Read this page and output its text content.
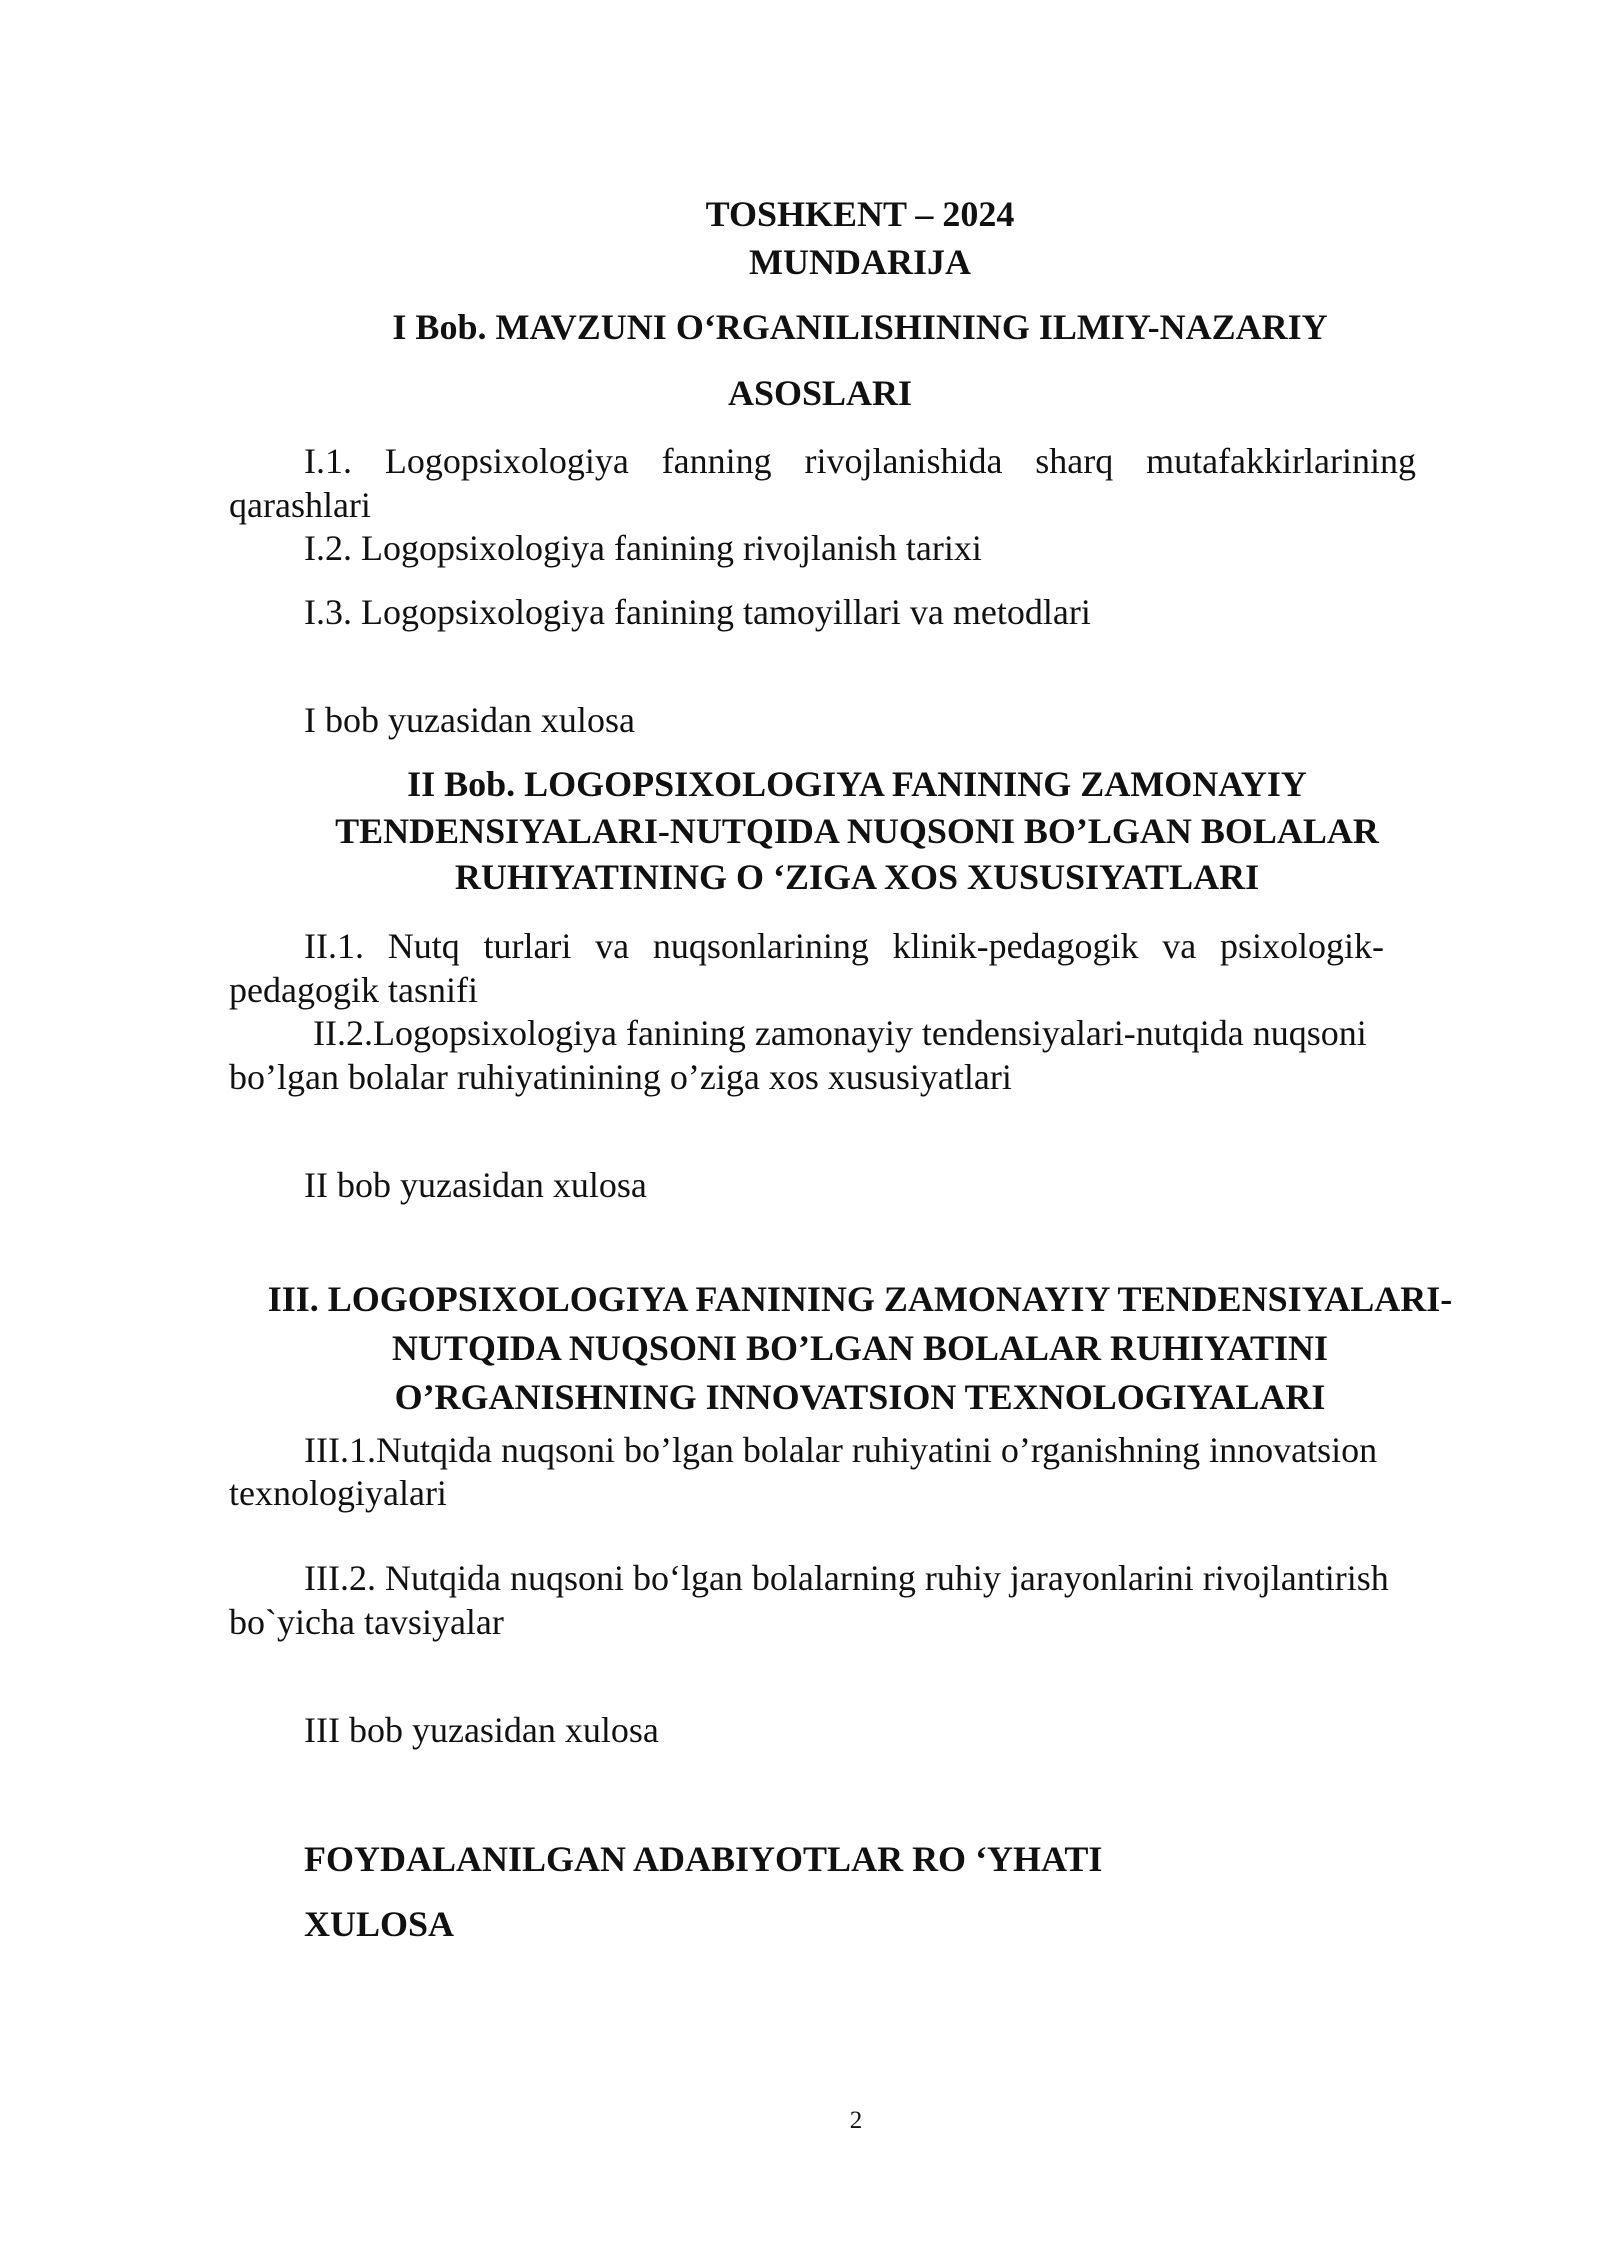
TOSHKENT – 2024
MUNDARIJA
I Bob. MAVZUNI O‘RGANILISHINING ILMIY-NAZARIY
ASOSLARI
I.1. Logopsixologiya fanning rivojlanishida sharq mutafakkirlarining
qarashlari
I.2. Logopsixologiya fanining rivojlanish tarixi
I.3. Logopsixologiya fanining tamoyillari va metodlari
I bob yuzasidan xulosa
II Bob. LOGOPSIXOLOGIYA FANINING ZAMONAYIY
TENDENSIYALARI-NUTQIDA NUQSONI BO’LGAN BOLALAR
RUHIYATINING O ‘ZIGA XOS XUSUSIYATLARI
II.1. Nutq turlari va nuqsonlarining klinik-pedagogik va psixologik-
pedagogik tasnifi
II.2.Logopsixologiya fanining zamonayiy tendensiyalari-nutqida nuqsoni
bo’lgan bolalar ruhiyatinining o’ziga xos xususiyatlari
II bob yuzasidan xulosa
III. LOGOPSIXOLOGIYA FANINING ZAMONAYIY TENDENSIYALARI-
NUTQIDA NUQSONI BO’LGAN BOLALAR RUHIYATINI
O’RGANISHNING INNOVATSION TEXNOLOGIYALARI
III.1.Nutqida nuqsoni bo’lgan bolalar ruhiyatini o’rganishning innovatsion
texnologiyalari
III.2. Nutqida nuqsoni bo‘lgan bolalarning ruhiy jarayonlarini rivojlantirish
bo`yicha tavsiyalar
III bob yuzasidan xulosa
FOYDALANILGAN ADABIYOTLAR RO ‘YHATI
XULOSA
2
